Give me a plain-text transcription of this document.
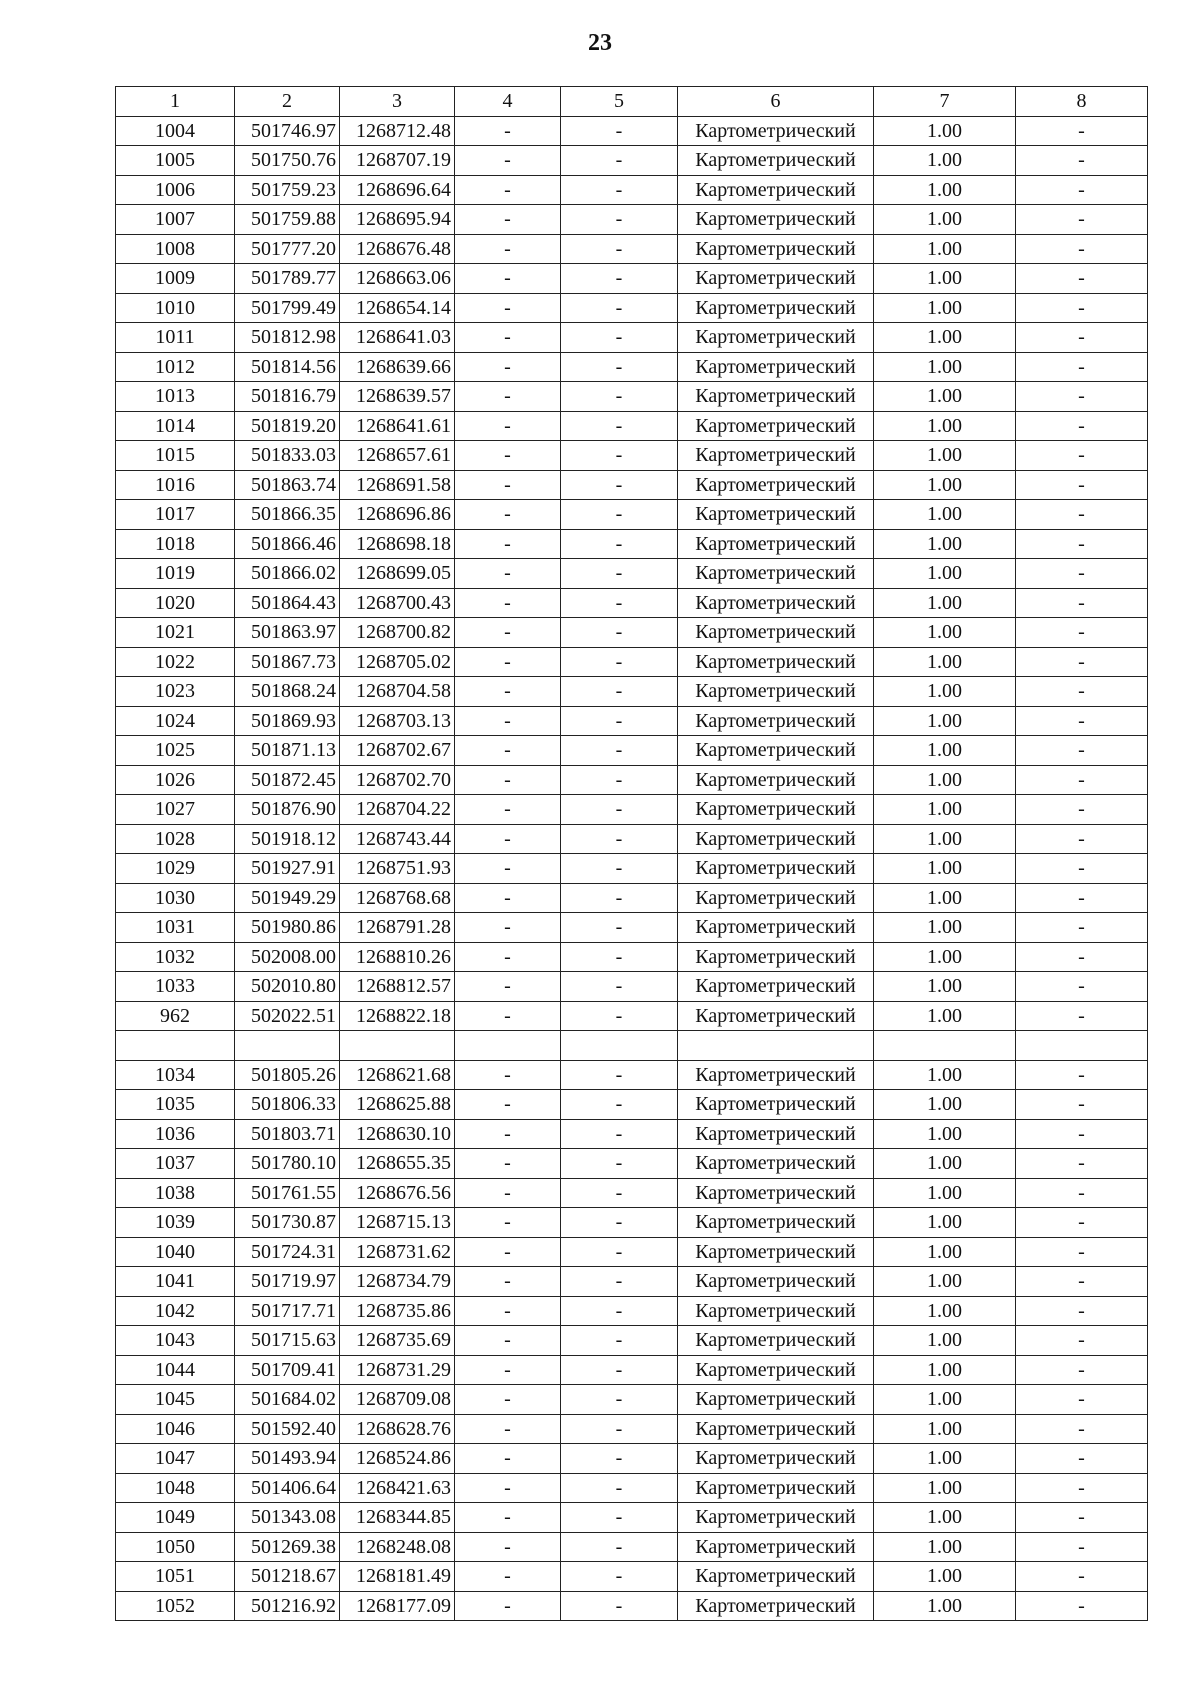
23
1	2	3	4	5	6	7	8
1004	501746.97	1268712.48	-	-	Картометрический	1.00	-
1005	501750.76	1268707.19	-	-	Картометрический	1.00	-
1006	501759.23	1268696.64	-	-	Картометрический	1.00	-
1007	501759.88	1268695.94	-	-	Картометрический	1.00	-
1008	501777.20	1268676.48	-	-	Картометрический	1.00	-
1009	501789.77	1268663.06	-	-	Картометрический	1.00	-
1010	501799.49	1268654.14	-	-	Картометрический	1.00	-
1011	501812.98	1268641.03	-	-	Картометрический	1.00	-
1012	501814.56	1268639.66	-	-	Картометрический	1.00	-
1013	501816.79	1268639.57	-	-	Картометрический	1.00	-
1014	501819.20	1268641.61	-	-	Картометрический	1.00	-
1015	501833.03	1268657.61	-	-	Картометрический	1.00	-
1016	501863.74	1268691.58	-	-	Картометрический	1.00	-
1017	501866.35	1268696.86	-	-	Картометрический	1.00	-
1018	501866.46	1268698.18	-	-	Картометрический	1.00	-
1019	501866.02	1268699.05	-	-	Картометрический	1.00	-
1020	501864.43	1268700.43	-	-	Картометрический	1.00	-
1021	501863.97	1268700.82	-	-	Картометрический	1.00	-
1022	501867.73	1268705.02	-	-	Картометрический	1.00	-
1023	501868.24	1268704.58	-	-	Картометрический	1.00	-
1024	501869.93	1268703.13	-	-	Картометрический	1.00	-
1025	501871.13	1268702.67	-	-	Картометрический	1.00	-
1026	501872.45	1268702.70	-	-	Картометрический	1.00	-
1027	501876.90	1268704.22	-	-	Картометрический	1.00	-
1028	501918.12	1268743.44	-	-	Картометрический	1.00	-
1029	501927.91	1268751.93	-	-	Картометрический	1.00	-
1030	501949.29	1268768.68	-	-	Картометрический	1.00	-
1031	501980.86	1268791.28	-	-	Картометрический	1.00	-
1032	502008.00	1268810.26	-	-	Картометрический	1.00	-
1033	502010.80	1268812.57	-	-	Картометрический	1.00	-
962	502022.51	1268822.18	-	-	Картометрический	1.00	-

1034	501805.26	1268621.68	-	-	Картометрический	1.00	-
1035	501806.33	1268625.88	-	-	Картометрический	1.00	-
1036	501803.71	1268630.10	-	-	Картометрический	1.00	-
1037	501780.10	1268655.35	-	-	Картометрический	1.00	-
1038	501761.55	1268676.56	-	-	Картометрический	1.00	-
1039	501730.87	1268715.13	-	-	Картометрический	1.00	-
1040	501724.31	1268731.62	-	-	Картометрический	1.00	-
1041	501719.97	1268734.79	-	-	Картометрический	1.00	-
1042	501717.71	1268735.86	-	-	Картометрический	1.00	-
1043	501715.63	1268735.69	-	-	Картометрический	1.00	-
1044	501709.41	1268731.29	-	-	Картометрический	1.00	-
1045	501684.02	1268709.08	-	-	Картометрический	1.00	-
1046	501592.40	1268628.76	-	-	Картометрический	1.00	-
1047	501493.94	1268524.86	-	-	Картометрический	1.00	-
1048	501406.64	1268421.63	-	-	Картометрический	1.00	-
1049	501343.08	1268344.85	-	-	Картометрический	1.00	-
1050	501269.38	1268248.08	-	-	Картометрический	1.00	-
1051	501218.67	1268181.49	-	-	Картометрический	1.00	-
1052	501216.92	1268177.09	-	-	Картометрический	1.00	-
